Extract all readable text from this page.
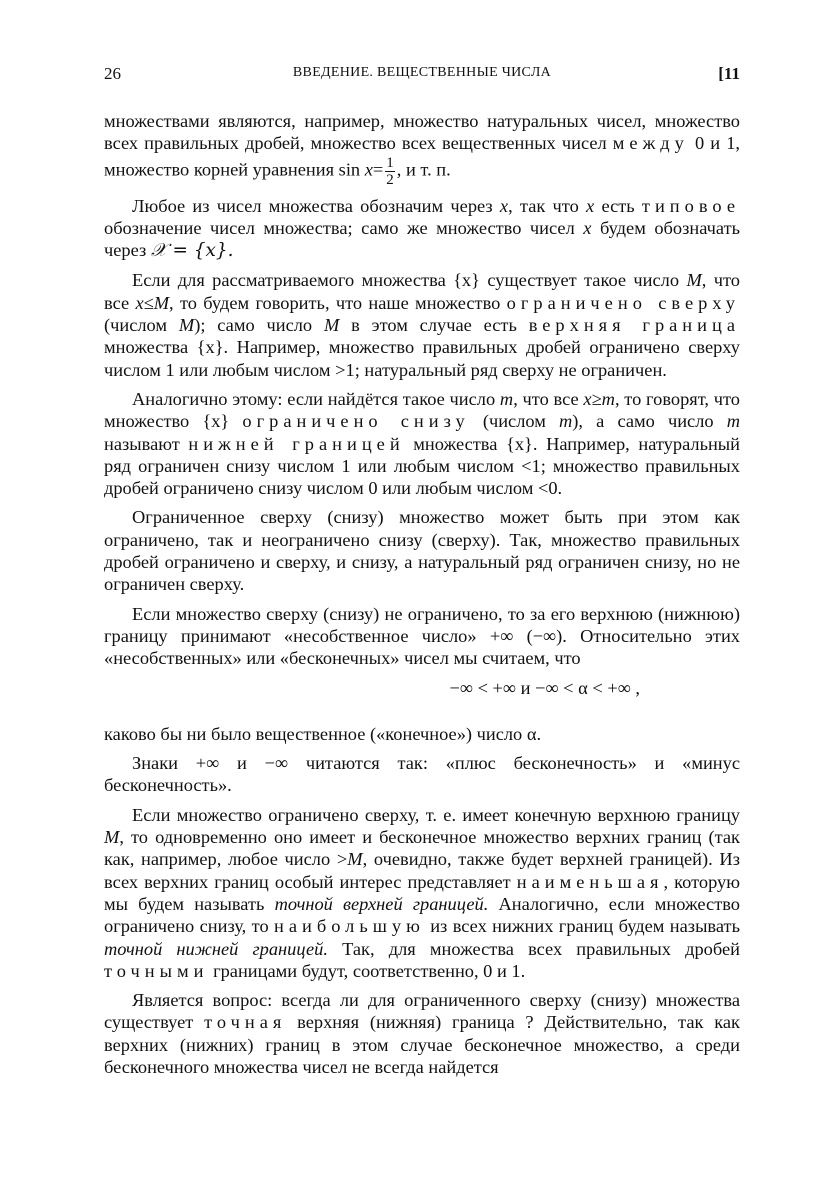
26	ВВЕДЕНИЕ. ВЕЩЕСТВЕННЫЕ ЧИСЛА	[11

множествами являются, например, множество натуральных чисел, множество всех правильных дробей, множество всех вещественных чисел между 0 и 1, множество корней уравнения $\sin x= \frac{1}{2}$ , и т. п.

Любое из чисел множества обозначим через x, так что x есть типовое обозначение чисел множества; само же множество чисел x будем обозначать через 𝒳 = {x}.

Если для рассматриваемого множества {x} существует такое число M, что все x≤M, то будем говорить, что наше множество ограничено сверху (числом M); само число M в этом случае есть верхняя граница множества {x}. Например, множество правильных дробей ограничено сверху числом 1 или любым числом >1; натуральный ряд сверху не ограничен.

Аналогично этому: если найдётся такое число m, что все x≥m, то говорят, что множество {x} ограничено снизу (числом m), а само число m называют нижней границей множества {x}. Например, натуральный ряд ограничен снизу числом 1 или любым числом <1; множество правильных дробей ограничено снизу числом 0 или любым числом <0.

Ограниченное сверху (снизу) множество может быть при этом как ограничено, так и неограничено снизу (сверху). Так, множество правильных дробей ограничено и сверху, и снизу, а натуральный ряд ограничен снизу, но не ограничен сверху.

Если множество сверху (снизу) не ограничено, то за его верхнюю (нижнюю) границу принимают «несобственное число» +∞ (−∞). Относительно этих «несобственных» или «бесконечных» чисел мы считаем, что

−∞ < +∞ и −∞ < α < +∞ ,

каково бы ни было вещественное («конечное») число α.

Знаки +∞ и −∞ читаются так: «плюс бесконечность» и «минус бесконечность».

Если множество ограничено сверху, т. е. имеет конечную верхнюю границу M, то одновременно оно имеет и бесконечное множество верхних границ (так как, например, любое число >M, очевидно, также будет верхней границей). Из всех верхних границ особый интерес представляет наименьшая, которую мы будем называть точной верхней границей. Аналогично, если множество ограничено снизу, то наибольшую из всех нижних границ будем называть точной нижней границей. Так, для множества всех правильных дробей точными границами будут, соответственно, 0 и 1.

Является вопрос: всегда ли для ограниченного сверху (снизу) множества существует точная верхняя (нижняя) граница ? Действительно, так как верхних (нижних) границ в этом случае бесконечное множество, а среди бесконечного множества чисел не всегда найдется
